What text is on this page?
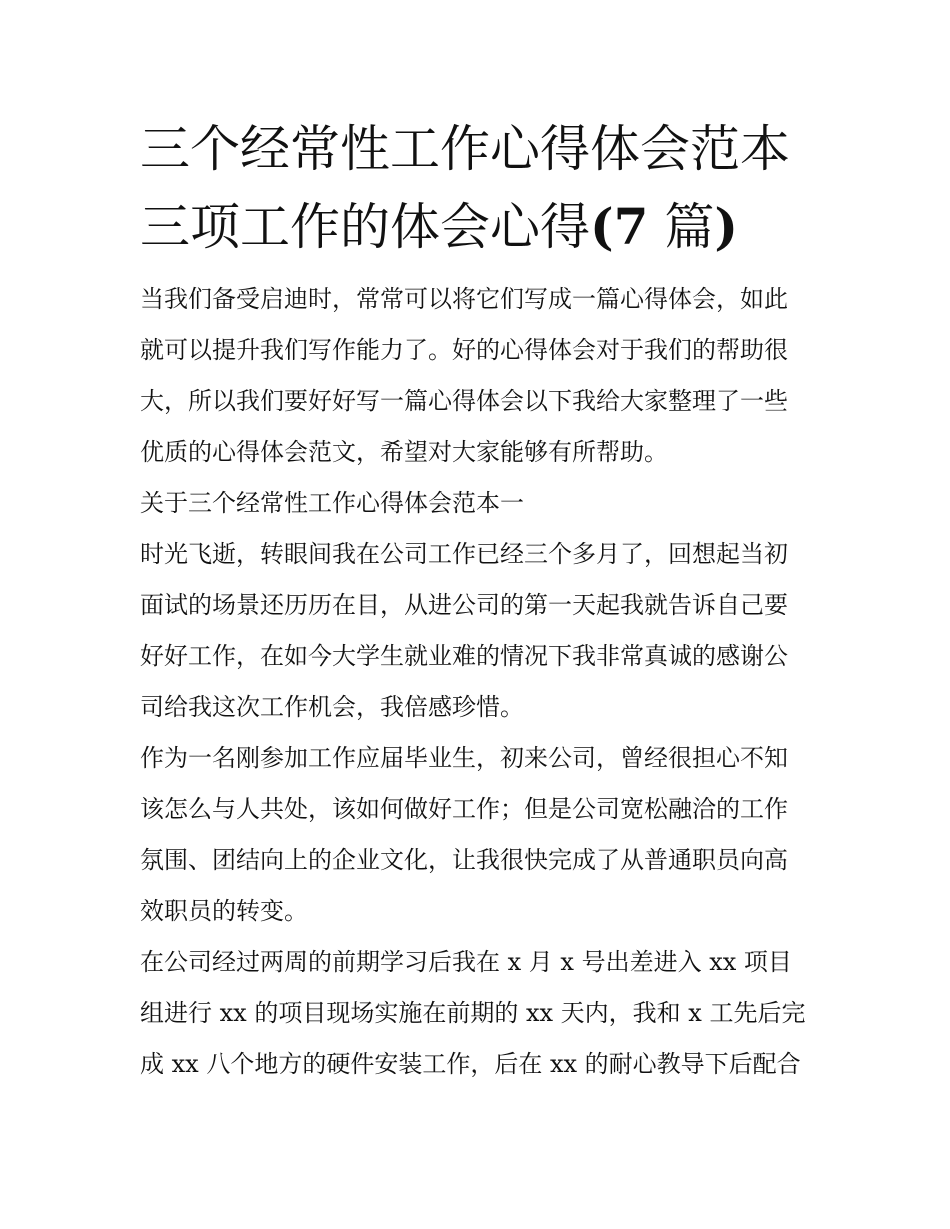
三个经常性工作心得体会范本
三项工作的体会心得(7 篇)
当我们备受启迪时，常常可以将它们写成一篇心得体会，如此
就可以提升我们写作能力了。好的心得体会对于我们的帮助很
大，所以我们要好好写一篇心得体会以下我给大家整理了一些
优质的心得体会范文，希望对大家能够有所帮助。
关于三个经常性工作心得体会范本一
时光飞逝，转眼间我在公司工作已经三个多月了，回想起当初
面试的场景还历历在目，从进公司的第一天起我就告诉自己要
好好工作，在如今大学生就业难的情况下我非常真诚的感谢公
司给我这次工作机会，我倍感珍惜。
作为一名刚参加工作应届毕业生，初来公司，曾经很担心不知
该怎么与人共处，该如何做好工作；但是公司宽松融洽的工作
氛围、团结向上的企业文化，让我很快完成了从普通职员向高
效职员的转变。
在公司经过两周的前期学习后我在 x 月 x 号出差进入 xx 项目
组进行 xx 的项目现场实施在前期的 xx 天内，我和 x 工先后完
成 xx 八个地方的硬件安装工作，后在 xx 的耐心教导下后配合
